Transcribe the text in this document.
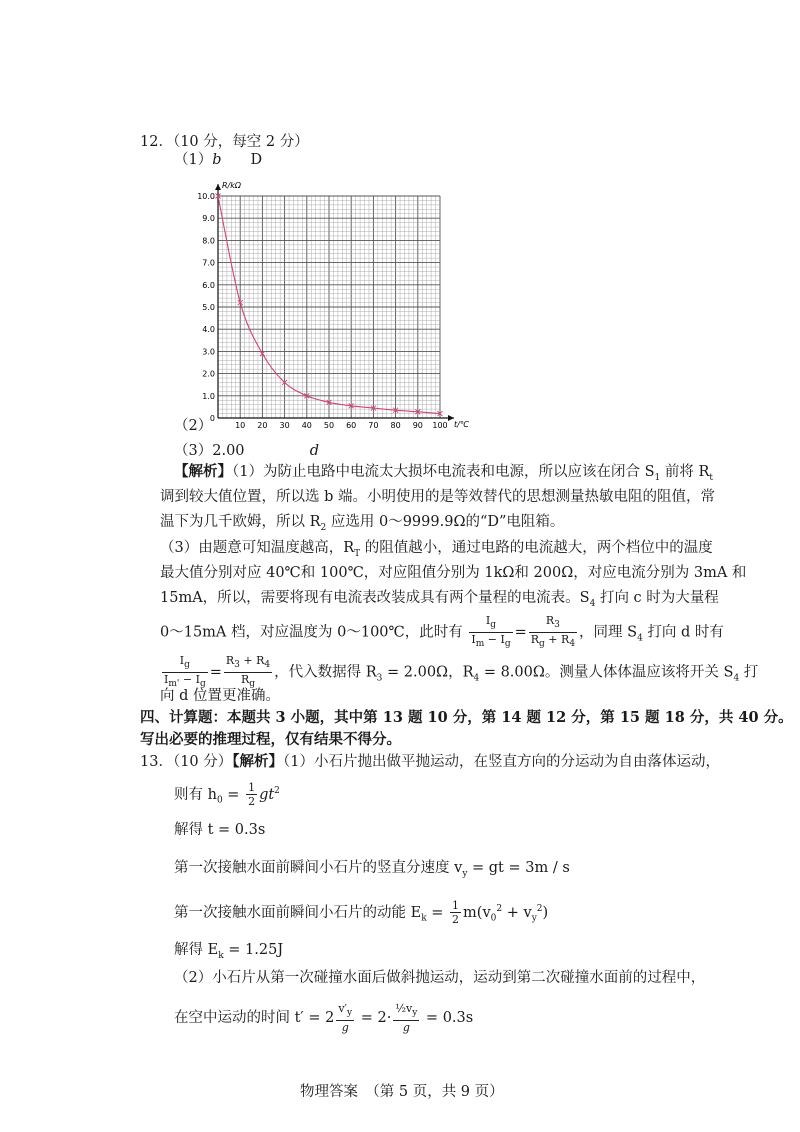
12．（10 分，每空 2 分）
（1）b   D
R/kΩ
t/℃
10 20 30 40 50 60 70 80 90 100
0
1.0
2.0
3.0
4.0
5.0
6.0
7.0
8.0
9.0
10.0
（2）
（3）2.00     	d
【解析】（1）为防止电路中电流太大损坏电流表和电源，所以应该在闭合 $S_1$ 前将 $R_t$
调到较大值位置，所以选 b 端。小明使用的是等效替代的思想测量热敏电阻的阻值，常
温下为几千欧姆，所以 $R_2$ 应选用 0～9999.9Ω的“D”电阻箱。
（3）由题意可知温度越高，$R_T$ 的阻值越小，通过电路的电流越大，两个档位中的温度
最大值分别对应 40℃和 100℃，对应阻值分别为 1kΩ和 200Ω，对应电流分别为 3mA 和
15mA，所以，需要将现有电流表改装成具有两个量程的电流表。$S_4$ 打向 c 时为大量程
0～15mA 档，对应温度为 0～100℃，此时有 $\frac{I_g}{I_m - I_g} = \frac{R_3}{R_g + R_4}$ ，同理 $S_4$ 打向 d 时有
$\frac{I_g}{I_{m'} - I_g} = \frac{R_3 + R_4}{R_g}$ ，代入数据得 $R_3 = 2.00\Omega$，$R_4 = 8.00\Omega$。测量人体体温应该将开关 $S_4$ 打
向 d 位置更准确。
四、计算题：本题共 3 小题，其中第 13 题 10 分，第 14 题 12 分，第 15 题 18 分，共 40 分。
写出必要的推理过程，仅有结果不得分。
13．（10 分）【解析】（1）小石片抛出做平抛运动，在竖直方向的分运动为自由落体运动，
则有 $h_0 = \frac{1}{2} gt^2$
解得 t = 0.3s
第一次接触水面前瞬间小石片的竖直分速度 $v_y$ = gt = 3m / s
第一次接触水面前瞬间小石片的动能 $E_k = \frac{1}{2} m(v_0^2 + v_y^2)$
解得 $E_k = 1.25J$
（2）小石片从第一次碰撞水面后做斜抛运动，运动到第二次碰撞水面前的过程中，
在空中运动的时间 $t' = 2 \frac{v'_y}{g} = 2\cdot \frac{\frac{1}{2}v_y}{g} = 0.3s$
物理答案　（第 5 页，共 9 页）
